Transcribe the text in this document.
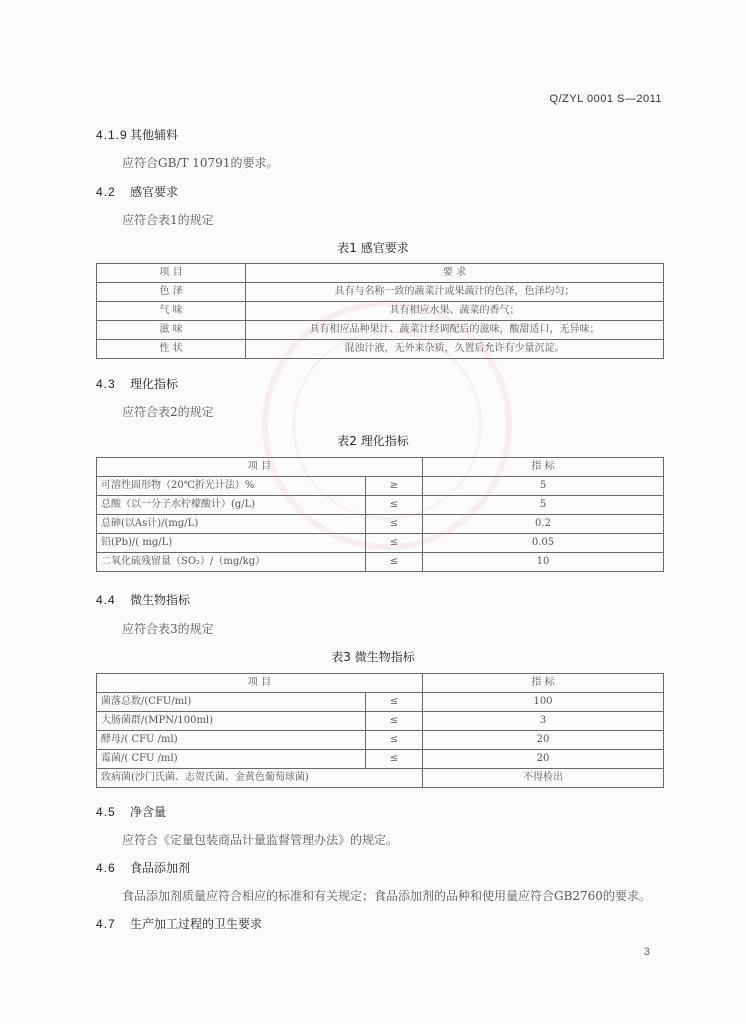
Q/ZYL 0001 S—2011
4.1.9 其他辅料
应符合GB/T 10791的要求。
4.2 感官要求
应符合表1的规定
表1 感官要求
项 目	要 求
色 泽	具有与名称一致的蔬菜汁或果蔬汁的色泽，色泽均匀；
气 味	具有相应水果、蔬菜的香气；
滋 味	具有相应品种果汁、蔬菜汁经调配后的滋味，酸甜适口，无异味；
性 状	混浊汁液，无外来杂质，久置后允许有少量沉淀。
4.3 理化指标
应符合表2的规定
表2 理化指标
项 目		指 标
可溶性固形物（20℃折光计法）%	≥	5
总酸（以一分子水柠檬酸计）(g/L)	≤	5
总砷(以As计)/(mg/L)	≤	0.2
铅(Pb)/( mg/L)	≤	0.05
二氧化硫残留量（SO₂）/（mg/kg）	≤	10
4.4 微生物指标
应符合表3的规定
表3 微生物指标
项 目		指 标
菌落总数/(CFU/ml)	≤	100
大肠菌群/(MPN/100ml)	≤	3
酵母/( CFU /ml)	≤	20
霉菌/( CFU /ml)	≤	20
致病菌(沙门氏菌、志贺氏菌、金黄色葡萄球菌)		不得检出
4.5 净含量
应符合《定量包装商品计量监督管理办法》的规定。
4.6 食品添加剂
食品添加剂质量应符合相应的标准和有关规定；食品添加剂的品种和使用量应符合GB2760的要求。
4.7 生产加工过程的卫生要求
3
